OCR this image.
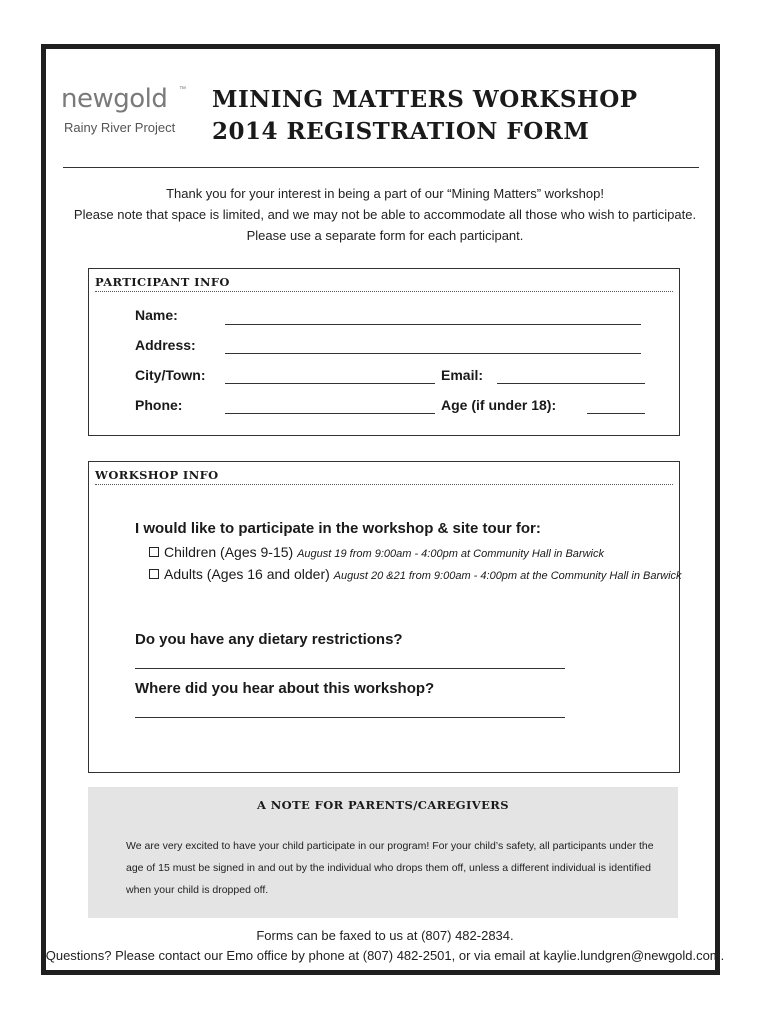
newgold ™
Rainy River Project
MINING MATTERS WORKSHOP
2014 REGISTRATION FORM
Thank you for your interest in being a part of our “Mining Matters” workshop!
Please note that space is limited, and we may not be able to accommodate all those who wish to participate.
Please use a separate form for each participant.
PARTICIPANT INFO
Name:
Address:
City/Town:	Email:
Phone:	Age (if under 18):
WORKSHOP INFO
I would like to participate in the workshop & site tour for:
Children (Ages 9-15) August 19 from 9:00am - 4:00pm at Community Hall in Barwick
Adults (Ages 16 and older) August 20 &21 from 9:00am - 4:00pm at the Community Hall in Barwick
Do you have any dietary restrictions?
Where did you hear about this workshop?
A NOTE FOR PARENTS/CAREGIVERS
We are very excited to have your child participate in our program! For your child’s safety, all participants under the
age of 15 must be signed in and out by the individual who drops them off, unless a different individual is identified
when your child is dropped off.
Forms can be faxed to us at (807) 482-2834.
Questions? Please contact our Emo office by phone at (807) 482-2501, or via email at kaylie.lundgren@newgold.com.
